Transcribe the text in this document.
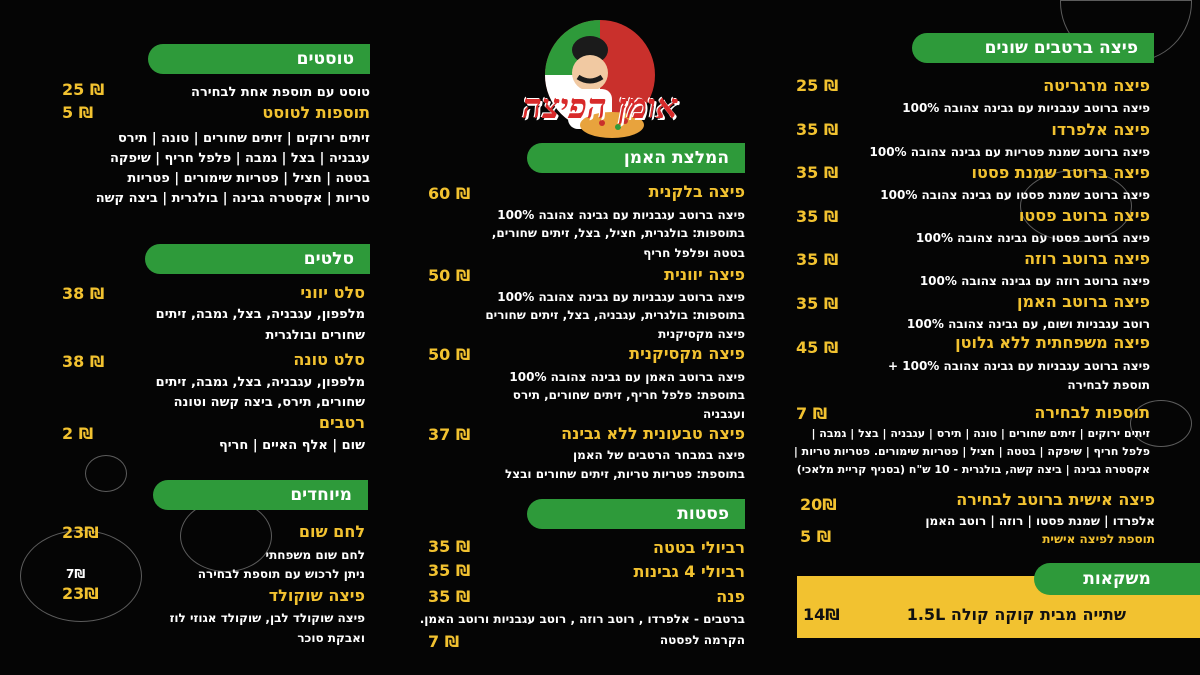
טוסטים
טוסט עם תוספת אחת לבחירה
25 ₪
תוספות לטוסט
5 ₪
זיתים ירוקים | זיתים שחורים | טונה | תירס
עגבניה | בצל | גמבה | פלפל חריף | שיפקה
בטטה | חציל | פטריות שימורים | פטריות
טריות | אקסטרה גבינה | בולגרית | ביצה קשה
סלטים
סלט יווני
38 ₪
מלפפון, עגבניה, בצל, גמבה, זיתים
שחורים ובולגרית
סלט טונה
38 ₪
מלפפון, עגבניה, בצל, גמבה, זיתים
שחורים, תירס, ביצה קשה וטונה
רטבים
2 ₪
שום | אלף האיים | חריף
מיוחדים
לחם שום
23₪
לחם שום משפחתי
ניתן לרכוש עם תוספת לבחירה
7₪
פיצה שוקולד
23₪
פיצה שוקולד לבן, שוקולד אגוזי לוז
ואבקת סוכר
אומן הפיצה
המלצת האמן
פיצה בלקנית
60 ₪
פיצה ברוטב עגבניות עם גבינה צהובה 100%
בתוספות: בולגרית, חציל, בצל, זיתים שחורים,
בטטה ופלפל חריף
פיצה יוונית
50 ₪
פיצה ברוטב עגבניות עם גבינה צהובה 100%
בתוספות: בולגרית, עגבניה, בצל, זיתים שחורים
פיצה מקסיקנית
פיצה מקסיקנית
50 ₪
פיצה ברוטב האמן עם גבינה צהובה 100%
בתוספת: פלפל חריף, זיתים שחורים, תירס
ועגבניה
פיצה טבעונית ללא גבינה
37 ₪
פיצה במבחר הרטבים של האמן
בתוספת: פטריות טריות, זיתים שחורים ובצל
פסטות
רביולי בטטה
35 ₪
רביולי 4 גבינות
35 ₪
פנה
35 ₪
ברטבים - אלפרדו , רוטב רוזה , רוטב עגבניות ורוטב האמן.
הקרמה לפסטה
7 ₪
פיצה ברטבים שונים
פיצה מרגריטה
25 ₪
פיצה ברוטב עגבניות עם גבינה צהובה 100%
פיצה אלפרדו
35 ₪
פיצה ברוטב שמנת פטריות עם גבינה צהובה 100%
פיצה ברוטב שמנת פסטו
35 ₪
פיצה ברוטב שמנת פסטו עם גבינה צהובה 100%
פיצה ברוטב פסטו
35 ₪
פיצה ברוטב פסטו עם גבינה צהובה 100%
פיצה ברוטב רוזה
35 ₪
פיצה ברוטב רוזה עם גבינה צהובה 100%
פיצה ברוטב האמן
35 ₪
רוטב עגבניות ושום, עם גבינה צהובה 100%
פיצה משפחתית ללא גלוטן
45 ₪
פיצה ברוטב עגבניות עם גבינה צהובה 100% +
תוספת לבחירה
תוספות לבחירה
7 ₪
זיתים ירוקים | זיתים שחורים | טונה | תירס | עגבניה | בצל | גמבה |
פלפל חריף | שיפקה | בטטה | חציל | פטריות שימורים. פטריות טריות |
אקסטרה גבינה | ביצה קשה, בולגרית - 10 ש"ח (בסניף קריית מלאכי)
פיצה אישית ברוטב לבחירה
20₪
אלפרדו | שמנת פסטו | רוזה | רוטב האמן
תוספת לפיצה אישית
5 ₪
משקאות
שתייה מבית קוקה קולה 1.5L
14₪
